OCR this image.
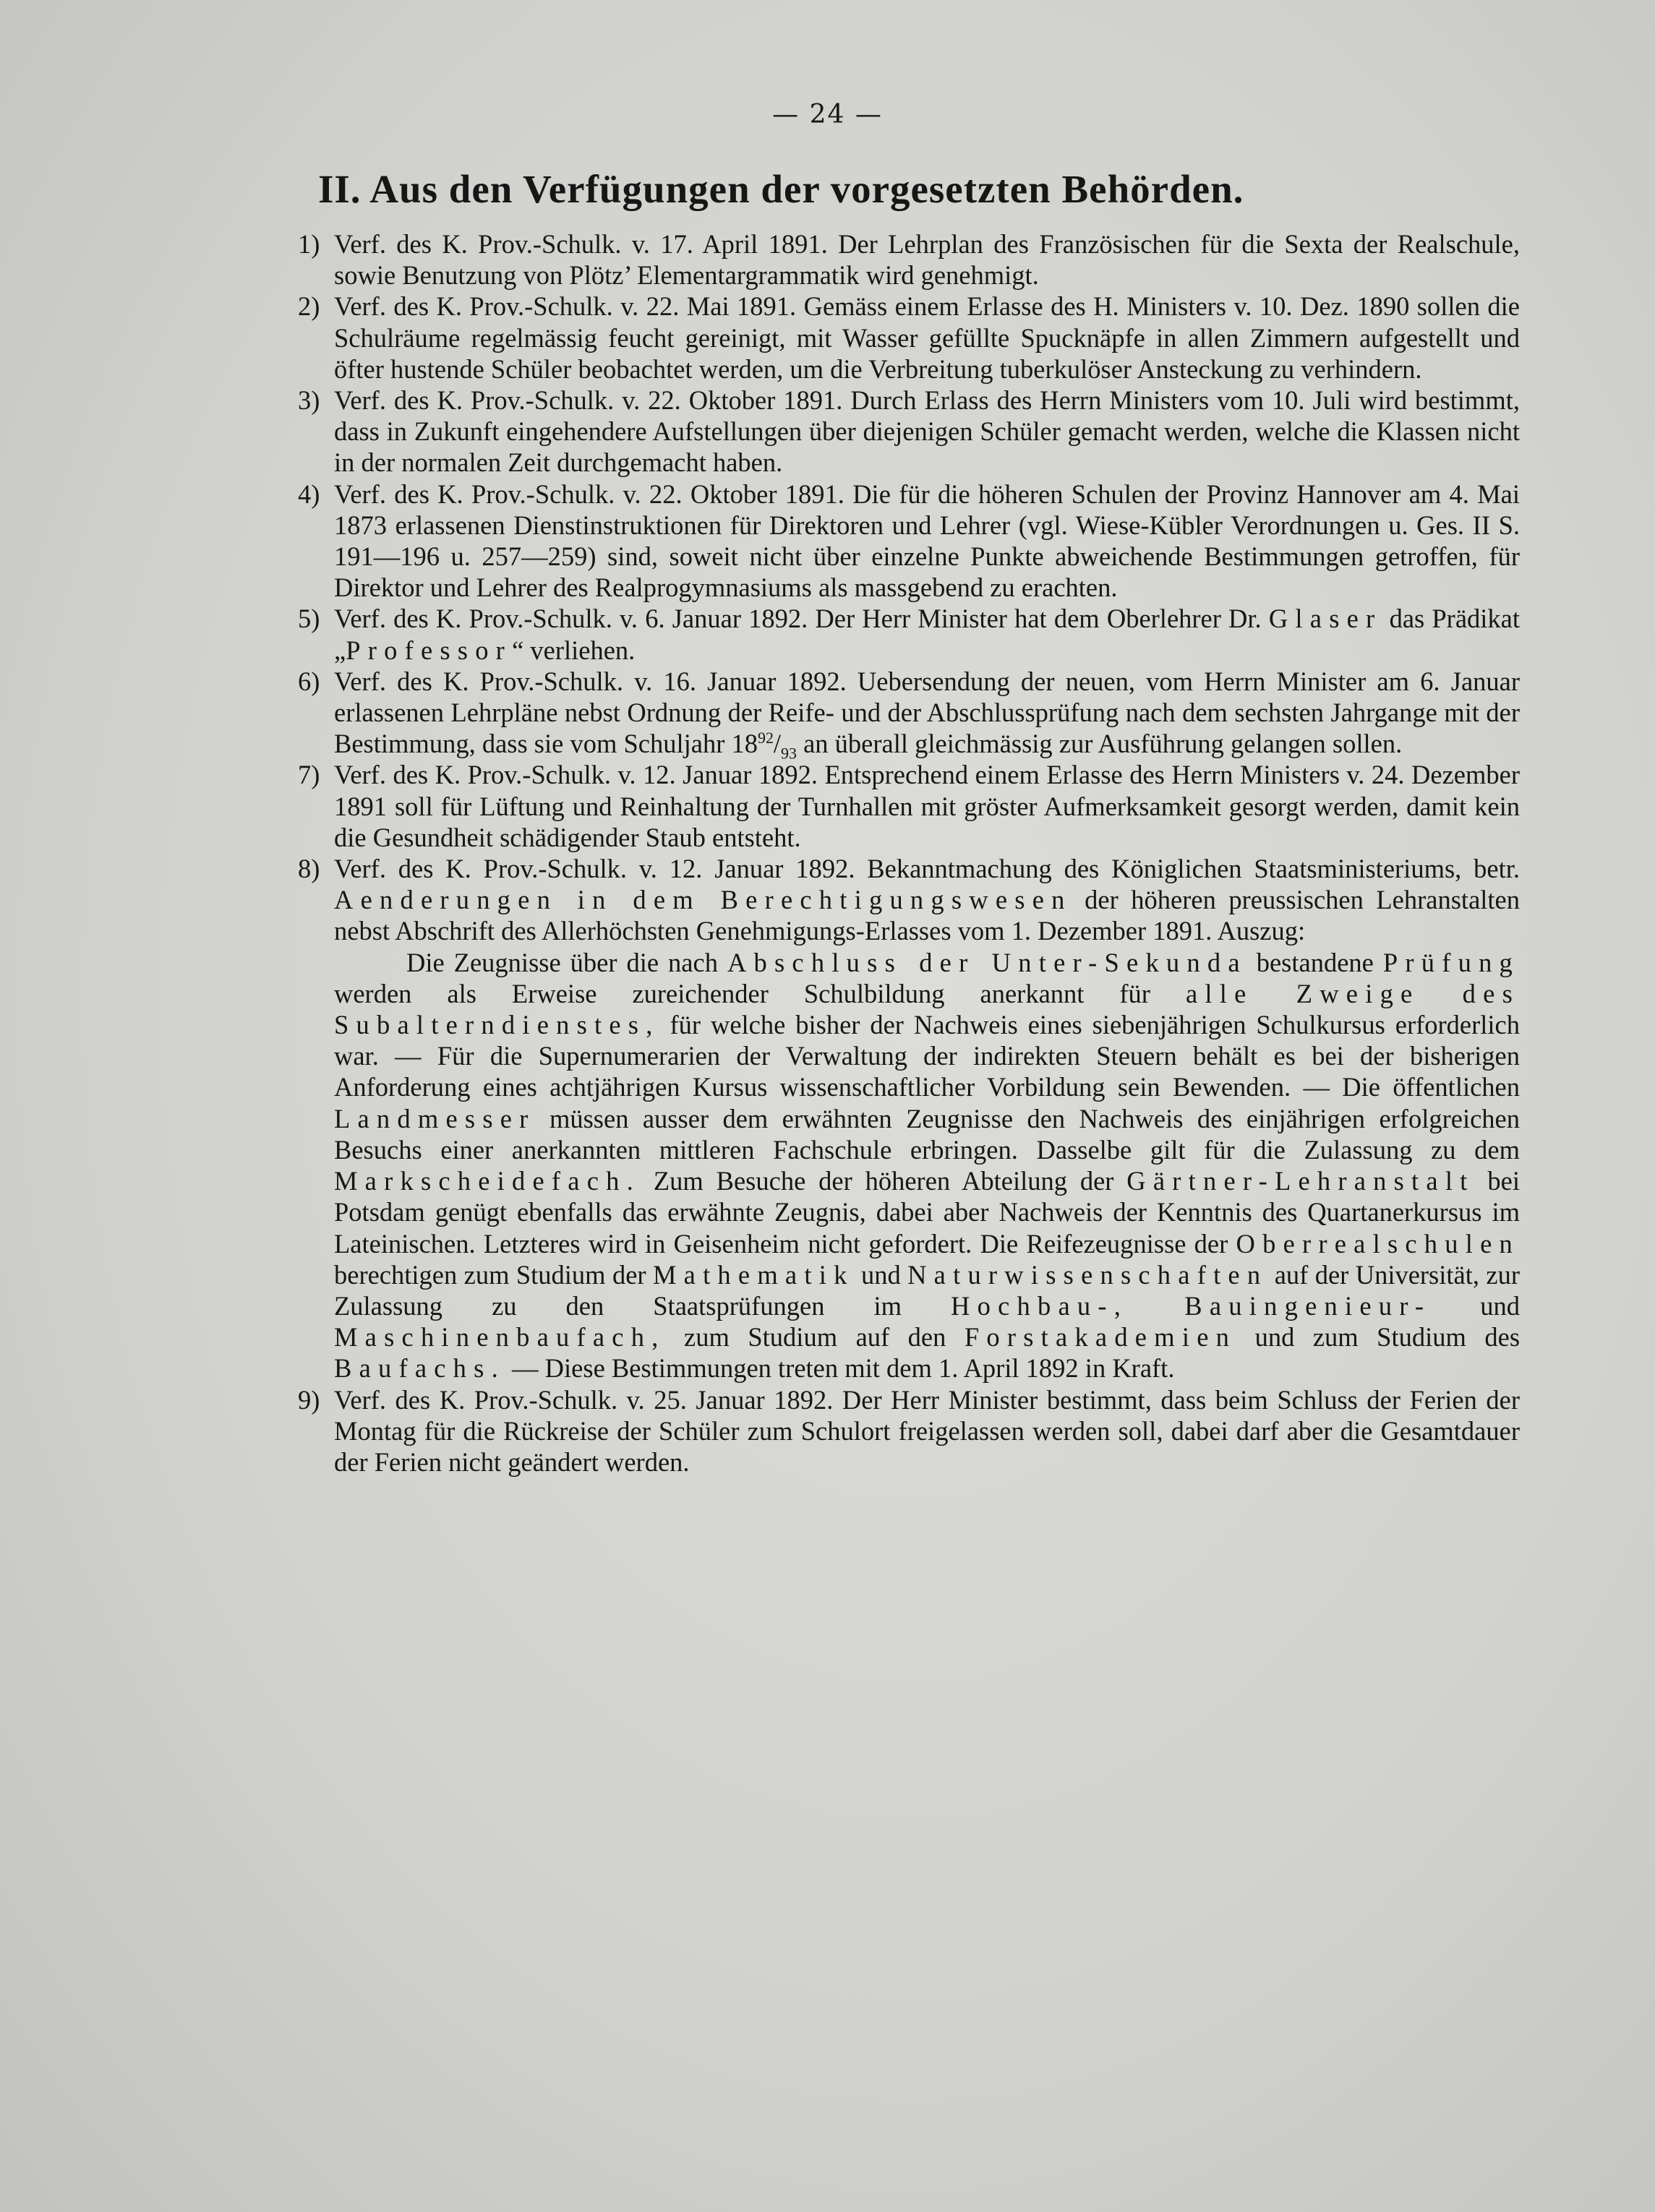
— 24 —
II. Aus den Verfügungen der vorgesetzten Behörden.
1) Verf. des K. Prov.-Schulk. v. 17. April 1891. Der Lehrplan des Französischen für die Sexta der Realschule, sowie Benutzung von Plötz’ Elementargrammatik wird genehmigt.
2) Verf. des K. Prov.-Schulk. v. 22. Mai 1891. Gemäss einem Erlasse des H. Ministers v. 10. Dez. 1890 sollen die Schulräume regelmässig feucht gereinigt, mit Wasser gefüllte Spucknäpfe in allen Zimmern aufgestellt und öfter hustende Schüler beobachtet werden, um die Verbreitung tuberkulöser Ansteckung zu verhindern.
3) Verf. des K. Prov.-Schulk. v. 22. Oktober 1891. Durch Erlass des Herrn Ministers vom 10. Juli wird bestimmt, dass in Zukunft eingehendere Aufstellungen über diejenigen Schüler gemacht werden, welche die Klassen nicht in der normalen Zeit durchgemacht haben.
4) Verf. des K. Prov.-Schulk. v. 22. Oktober 1891. Die für die höheren Schulen der Provinz Hannover am 4. Mai 1873 erlassenen Dienstinstruktionen für Direktoren und Lehrer (vgl. Wiese-Kübler Verordnungen u. Ges. II S. 191—196 u. 257—259) sind, soweit nicht über einzelne Punkte abweichende Bestimmungen getroffen, für Direktor und Lehrer des Realprogymnasiums als massgebend zu erachten.
5) Verf. des K. Prov.-Schulk. v. 6. Januar 1892. Der Herr Minister hat dem Oberlehrer Dr. Glaser das Prädikat „Professor“ verliehen.
6) Verf. des K. Prov.-Schulk. v. 16. Januar 1892. Uebersendung der neuen, vom Herrn Minister am 6. Januar erlassenen Lehrpläne nebst Ordnung der Reife- und der Abschlussprüfung nach dem sechsten Jahrgange mit der Bestimmung, dass sie vom Schuljahr $18^{92}/_{93}$ an überall gleichmässig zur Ausführung gelangen sollen.
7) Verf. des K. Prov.-Schulk. v. 12. Januar 1892. Entsprechend einem Erlasse des Herrn Ministers v. 24. Dezember 1891 soll für Lüftung und Reinhaltung der Turnhallen mit gröster Aufmerksamkeit gesorgt werden, damit kein die Gesundheit schädigender Staub entsteht.
8) Verf. des K. Prov.-Schulk. v. 12. Januar 1892. Bekanntmachung des Königlichen Staatsministeriums, betr. Aenderungen in dem Berechtigungswesen der höheren preussischen Lehranstalten nebst Abschrift des Allerhöchsten Genehmigungs-Erlasses vom 1. Dezember 1891. Auszug:
Die Zeugnisse über die nach Abschluss der Unter-Sekunda bestandene Prüfung werden als Erweise zureichender Schulbildung anerkannt für alle Zweige des Subalterndienstes, für welche bisher der Nachweis eines siebenjährigen Schulkursus erforderlich war. — Für die Supernumerarien der Verwaltung der indirekten Steuern behält es bei der bisherigen Anforderung eines achtjährigen Kursus wissenschaftlicher Vorbildung sein Bewenden. — Die öffentlichen Landmesser müssen ausser dem erwähnten Zeugnisse den Nachweis des einjährigen erfolgreichen Besuchs einer anerkannten mittleren Fachschule erbringen. Dasselbe gilt für die Zulassung zu dem Markscheidefach. Zum Besuche der höheren Abteilung der Gärtner-Lehranstalt bei Potsdam genügt ebenfalls das erwähnte Zeugnis, dabei aber Nachweis der Kenntnis des Quartanerkursus im Lateinischen. Letzteres wird in Geisenheim nicht gefordert. Die Reifezeugnisse der Oberrealschulen berechtigen zum Studium der Mathematik und Naturwissenschaften auf der Universität, zur Zulassung zu den Staatsprüfungen im Hochbau-, Bauingenieur- und Maschinenbaufach, zum Studium auf den Forstakademien und zum Studium des Baufachs. — Diese Bestimmungen treten mit dem 1. April 1892 in Kraft.
9) Verf. des K. Prov.-Schulk. v. 25. Januar 1892. Der Herr Minister bestimmt, dass beim Schluss der Ferien der Montag für die Rückreise der Schüler zum Schulort freigelassen werden soll, dabei darf aber die Gesamtdauer der Ferien nicht geändert werden.
